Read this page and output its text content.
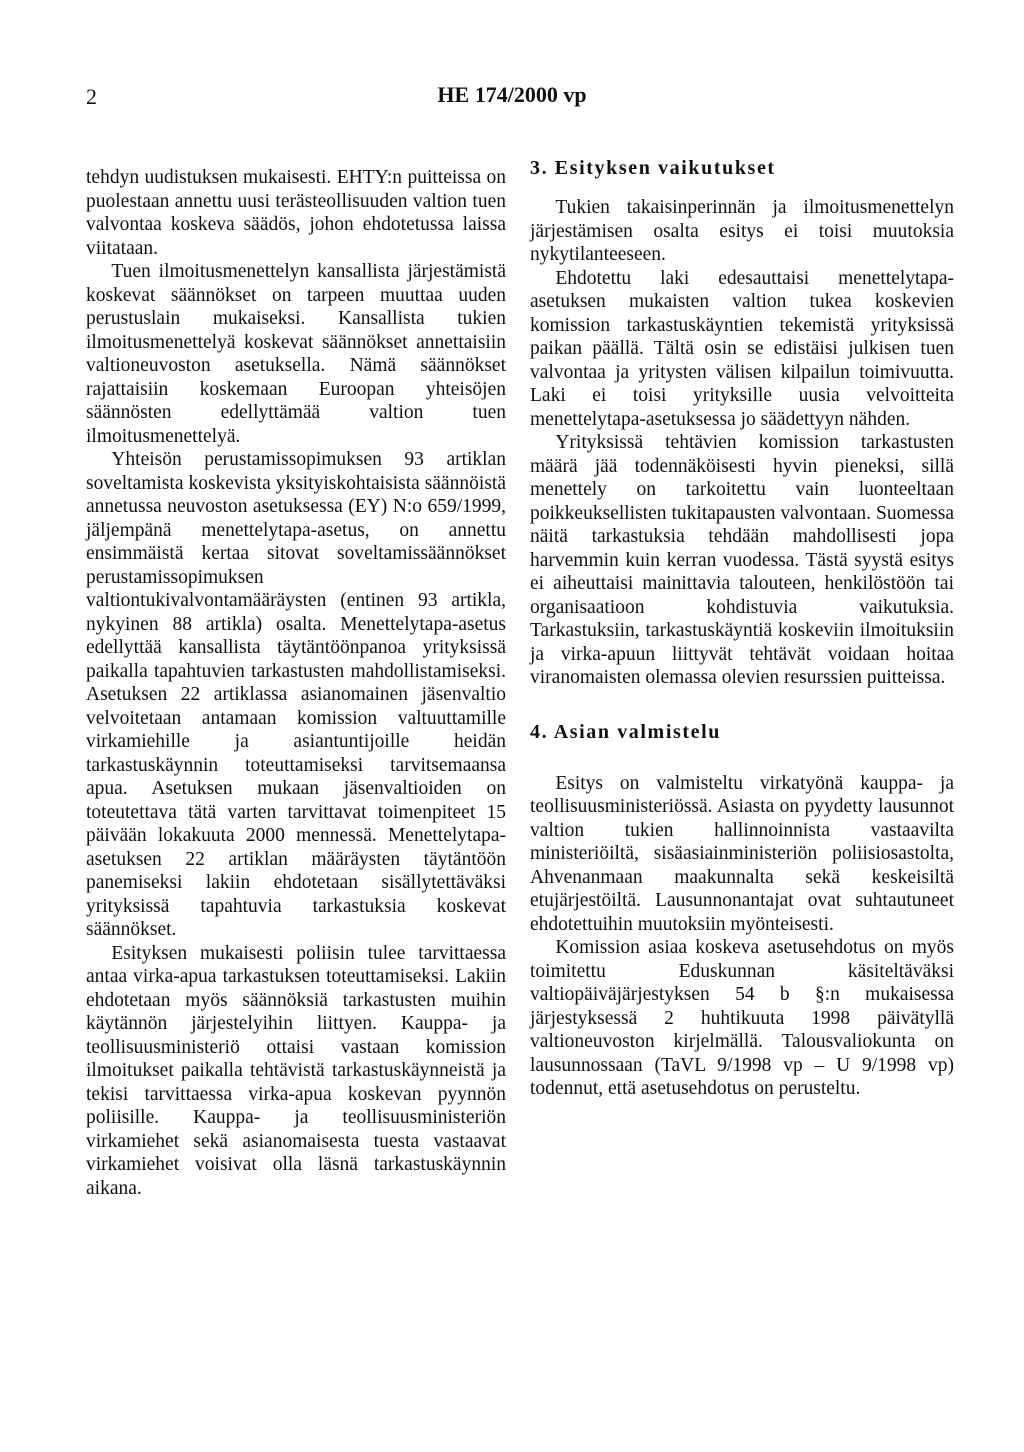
2	HE 174/2000 vp

tehdyn uudistuksen mukaisesti. EHTY:n puitteissa on puolestaan annettu uusi terästeollisuuden valtion tuen valvontaa koskeva säädös, johon ehdotetussa laissa viitataan.

Tuen ilmoitusmenettelyn kansallista järjestämistä koskevat säännökset on tarpeen muuttaa uuden perustuslain mukaiseksi. Kansallista tukien ilmoitusmenettelyä koskevat säännökset annettaisiin valtioneuvoston asetuksella. Nämä säännökset rajattaisiin koskemaan Euroopan yhteisöjen säännösten edellyttämää valtion tuen ilmoitusmenettelyä.

Yhteisön perustamissopimuksen 93 artiklan soveltamista koskevista yksityiskohtaisista säännöistä annetussa neuvoston asetuksessa (EY) N:o 659/1999, jäljempänä menettelytapa-asetus, on annettu ensimmäistä kertaa sitovat soveltamissäännökset perustamissopimuksen valtiontukivalvontamääräysten (entinen 93 artikla, nykyinen 88 artikla) osalta. Menettelytapa-asetus edellyttää kansallista täytäntöönpanoa yrityksissä paikalla tapahtuvien tarkastusten mahdollistamiseksi. Asetuksen 22 artiklassa asianomainen jäsenvaltio velvoitetaan antamaan komission valtuuttamille virkamiehille ja asiantuntijoille heidän tarkastuskäynnin toteuttamiseksi tarvitsemaansa apua. Asetuksen mukaan jäsenvaltioiden on toteutettava tätä varten tarvittavat toimenpiteet 15 päivään lokakuuta 2000 mennessä. Menettelytapa-asetuksen 22 artiklan määräysten täytäntöön panemiseksi lakiin ehdotetaan sisällytettäväksi yrityksissä tapahtuvia tarkastuksia koskevat säännökset.

Esityksen mukaisesti poliisin tulee tarvittaessa antaa virka-apua tarkastuksen toteuttamiseksi. Lakiin ehdotetaan myös säännöksiä tarkastusten muihin käytännön järjestelyihin liittyen. Kauppa- ja teollisuusministeriö ottaisi vastaan komission ilmoitukset paikalla tehtävistä tarkastuskäynneistä ja tekisi tarvittaessa virka-apua koskevan pyynnön poliisille. Kauppa- ja teollisuusministeriön virkamiehet sekä asianomaisesta tuesta vastaavat virkamiehet voisivat olla läsnä tarkastuskäynnin aikana.

3. Esityksen vaikutukset

Tukien takaisinperinnän ja ilmoitusmenettelyn järjestämisen osalta esitys ei toisi muutoksia nykytilanteeseen.

Ehdotettu laki edesauttaisi menettelytapa-asetuksen mukaisten valtion tukea koskevien komission tarkastuskäyntien tekemistä yrityksissä paikan päällä. Tältä osin se edistäisi julkisen tuen valvontaa ja yritysten välisen kilpailun toimivuutta. Laki ei toisi yrityksille uusia velvoitteita menettelytapa-asetuksessa jo säädettyyn nähden.

Yrityksissä tehtävien komission tarkastusten määrä jää todennäköisesti hyvin pieneksi, sillä menettely on tarkoitettu vain luonteeltaan poikkeuksellisten tukitapausten valvontaan. Suomessa näitä tarkastuksia tehdään mahdollisesti jopa harvemmin kuin kerran vuodessa. Tästä syystä esitys ei aiheuttaisi mainittavia talouteen, henkilöstöön tai organisaatioon kohdistuvia vaikutuksia. Tarkastuksiin, tarkastuskäyntiä koskeviin ilmoituksiin ja virka-apuun liittyvät tehtävät voidaan hoitaa viranomaisten olemassa olevien resurssien puitteissa.

4. Asian valmistelu

Esitys on valmisteltu virkatyönä kauppa- ja teollisuusministeriössä. Asiasta on pyydetty lausunnot valtion tukien hallinnoinnista vastaavilta ministeriöiltä, sisäasiainministeriön poliisiosastolta, Ahvenanmaan maakunnalta sekä keskeisiltä etujärjestöiltä. Lausunnonantajat ovat suhtautuneet ehdotettuihin muutoksiin myönteisesti.

Komission asiaa koskeva asetusehdotus on myös toimitettu Eduskunnan käsiteltäväksi valtiopäiväjärjestyksen 54 b §:n mukaisessa järjestyksessä 2 huhtikuuta 1998 päivätyllä valtioneuvoston kirjelmällä. Talousvaliokunta on lausunnossaan (TaVL 9/1998 vp – U 9/1998 vp) todennut, että asetusehdotus on perusteltu.
